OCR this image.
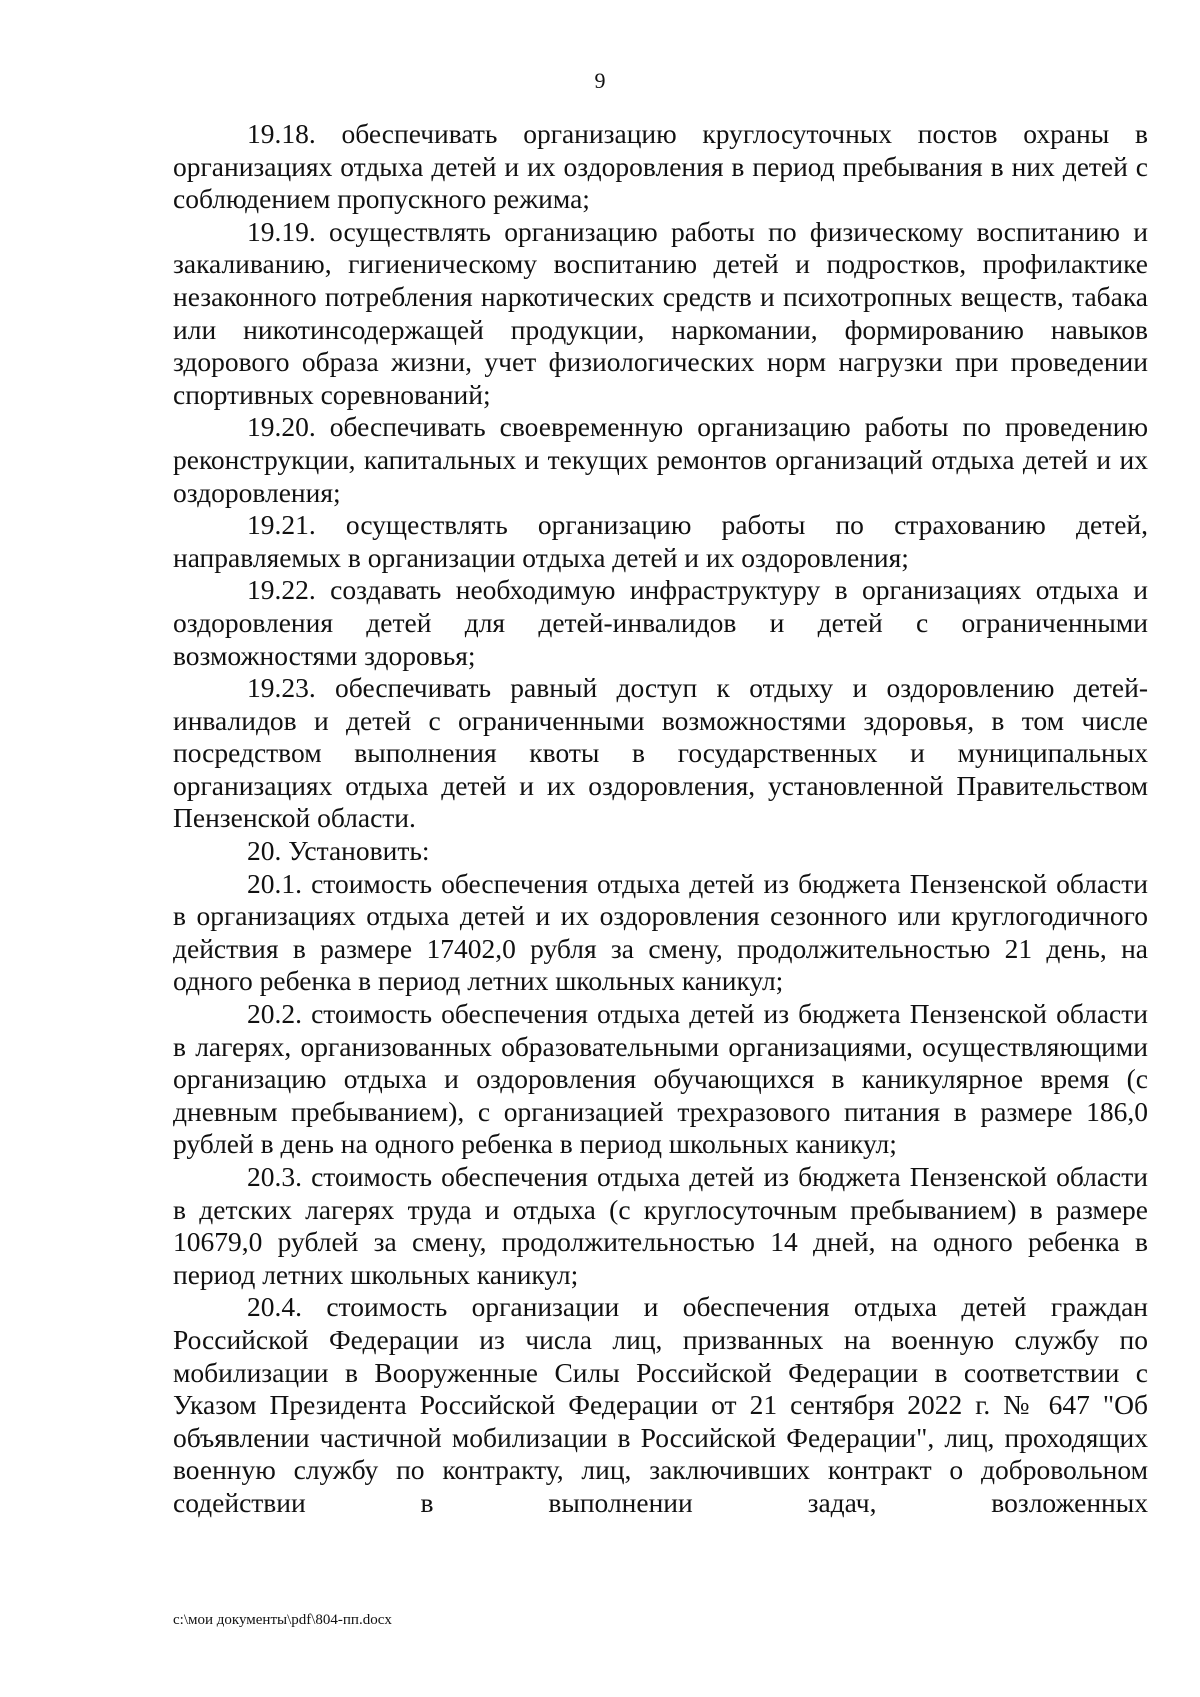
9

19.18. обеспечивать организацию круглосуточных постов охраны в организациях отдыха детей и их оздоровления в период пребывания в них детей с соблюдением пропускного режима;

19.19. осуществлять организацию работы по физическому воспитанию и закаливанию, гигиеническому воспитанию детей и подростков, профилактике незаконного потребления наркотических средств и психотропных веществ, табака или никотинсодержащей продукции, наркомании, формированию навыков здорового образа жизни, учет физиологических норм нагрузки при проведении спортивных соревнований;

19.20. обеспечивать своевременную организацию работы по проведению реконструкции, капитальных и текущих ремонтов организаций отдыха детей и их оздоровления;

19.21. осуществлять организацию работы по страхованию детей, направляемых в организации отдыха детей и их оздоровления;

19.22. создавать необходимую инфраструктуру в организациях отдыха и оздоровления детей для детей-инвалидов и детей с ограниченными возможностями здоровья;

19.23. обеспечивать равный доступ к отдыху и оздоровлению детей-инвалидов и детей с ограниченными возможностями здоровья, в том числе посредством выполнения квоты в государственных и муниципальных организациях отдыха детей и их оздоровления, установленной Правительством Пензенской области.

20. Установить:

20.1. стоимость обеспечения отдыха детей из бюджета Пензенской области в организациях отдыха детей и их оздоровления сезонного или круглогодичного действия в размере 17402,0 рубля за смену, продолжительностью 21 день, на одного ребенка в период летних школьных каникул;

20.2. стоимость обеспечения отдыха детей из бюджета Пензенской области в лагерях, организованных образовательными организациями, осуществляющими организацию отдыха и оздоровления обучающихся в каникулярное время (с дневным пребыванием), с организацией трехразового питания в размере 186,0 рублей в день на одного ребенка в период школьных каникул;

20.3. стоимость обеспечения отдыха детей из бюджета Пензенской области в детских лагерях труда и отдыха (с круглосуточным пребыванием) в размере 10679,0 рублей за смену, продолжительностью 14 дней, на одного ребенка в период летних школьных каникул;

20.4. стоимость организации и обеспечения отдыха детей граждан Российской Федерации из числа лиц, призванных на военную службу по мобилизации в Вооруженные Силы Российской Федерации в соответствии с Указом Президента Российской Федерации от 21 сентября 2022 г. № 647 "Об объявлении частичной мобилизации в Российской Федерации", лиц, проходящих военную службу по контракту, лиц, заключивших контракт о добровольном содействии в выполнении задач, возложенных

c:\мои документы\pdf\804-пп.docx
